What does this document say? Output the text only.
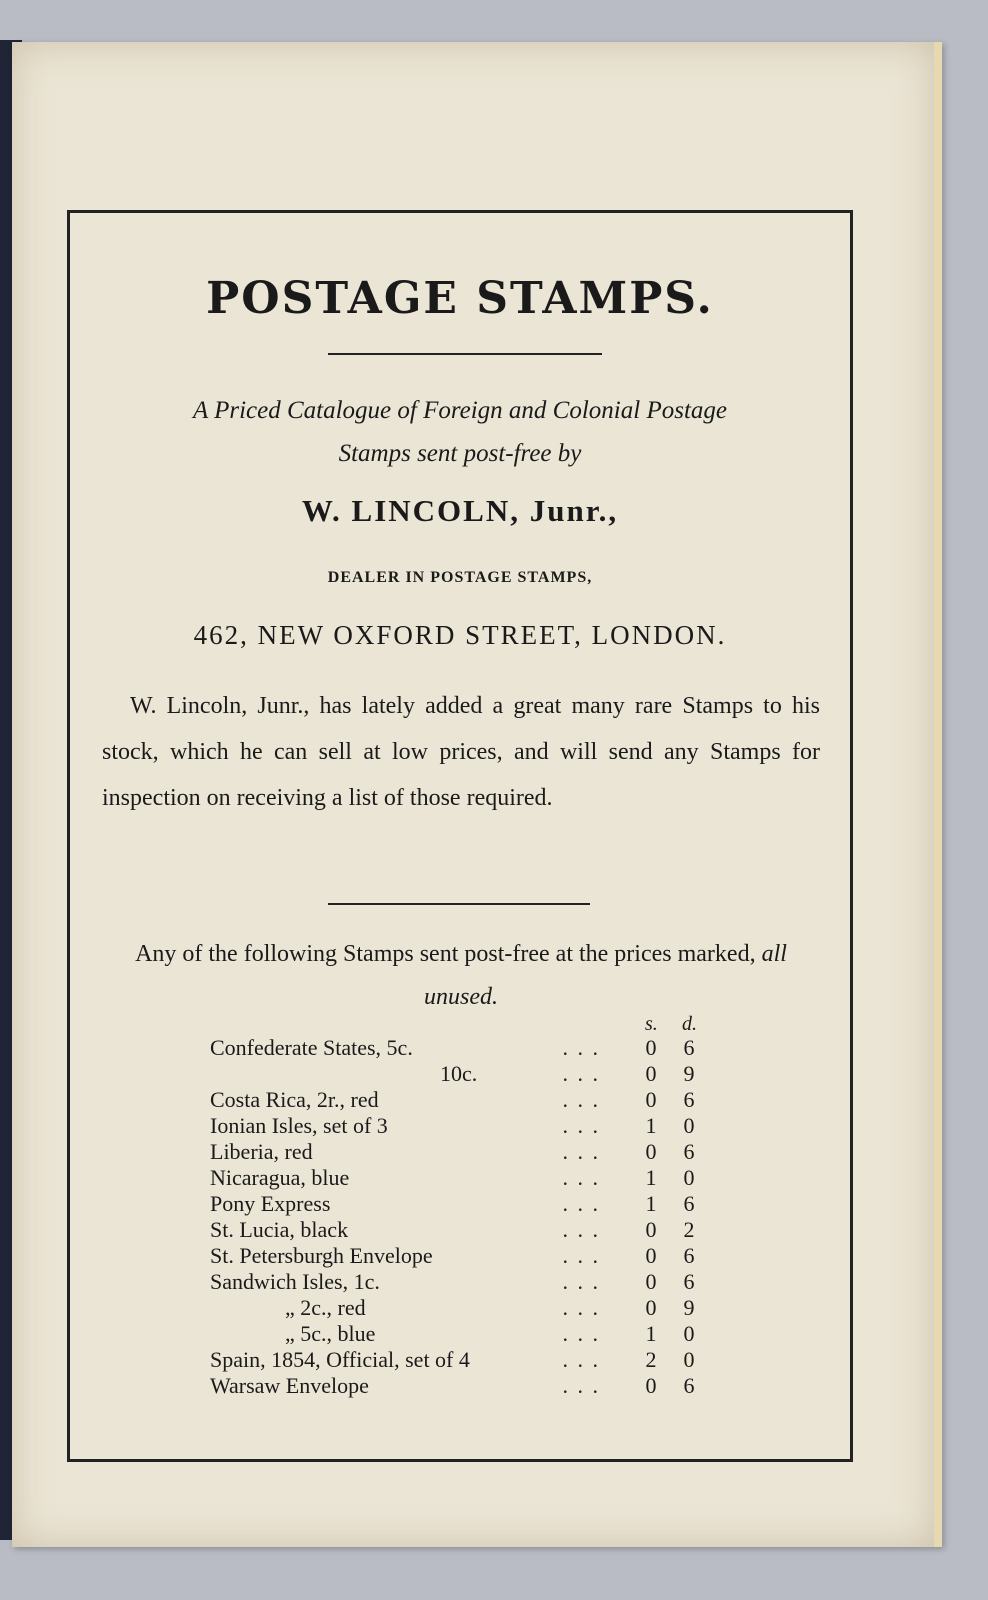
POSTAGE STAMPS.
A Priced Catalogue of Foreign and Colonial Postage
Stamps sent post-free by
W. LINCOLN, Junr.,
DEALER IN POSTAGE STAMPS,
462, NEW OXFORD STREET, LONDON.
W. Lincoln, Junr., has lately added a great many rare Stamps to his stock, which he can sell at low prices, and will send any Stamps for inspection on receiving a list of those required.
Any of the following Stamps sent post-free at the prices marked, all unused.
s. d.
. . .
Confederate States, 5c.	0 6
. . .
10c.	0 9
. . .
Costa Rica, 2r., red	0 6
. . .
Ionian Isles, set of 3	1 0
. . .
Liberia, red	0 6
. . .
Nicaragua, blue	1 0
. . .
Pony Express	1 6
. . .
St. Lucia, black	0 2
. . .
St. Petersburgh Envelope	0 6
. . .
Sandwich Isles, 1c.	0 6
. . .
„ 2c., red	0 9
. . .
„ 5c., blue	1 0
. . .
Spain, 1854, Official, set of 4	2 0
. . .
Warsaw Envelope	0 6
